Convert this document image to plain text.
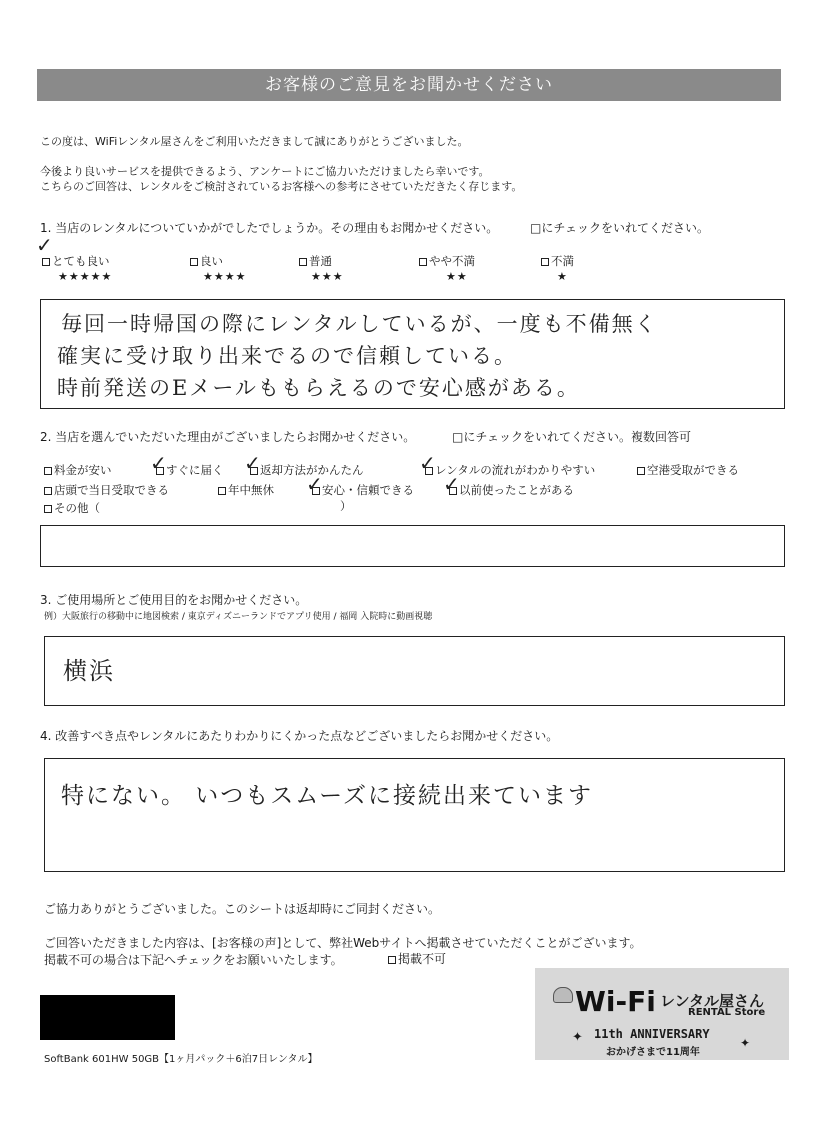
お客様のご意見をお聞かせください
この度は、WiFiレンタル屋さんをご利用いただきまして誠にありがとうございました。
今後より良いサービスを提供できるよう、アンケートにご協力いただけましたら幸いです。
こちらのご回答は、レンタルをご検討されているお客様への参考にさせていただきたく存じます。
1. 当店のレンタルについていかがでしたでしょうか。その理由もお聞かせください。	□にチェックをいれてください。
✓
とても良い
★★★★★
良い
★★★★
普通
★★★
やや不満
★★
不満
★
毎回一時帰国の際にレンタルしているが、一度も不備無く
確実に受け取り出来でるので信頼している。
時前発送のEメールももらえるので安心感がある。
2. 当店を選んでいただいた理由がございましたらお聞かせください。	□にチェックをいれてください。複数回答可
料金が安い ✓ すぐに届く ✓ 返却方法がかんたん	✓ レンタルの流れがわかりやすい	空港受取ができる
店頭で当日受取できる	年中無休 ✓ 安心・信頼できる ✓ 以前使ったことがある
その他（	）
3. ご使用場所とご使用目的をお聞かせください。
例）大阪旅行の移動中に地図検索 / 東京ディズニーランドでアプリ使用 / 福岡 入院時に動画視聴
横浜
4. 改善すべき点やレンタルにあたりわかりにくかった点などございましたらお聞かせください。
特にない。 いつもスムーズに接続出来ています
ご協力ありがとうございました。このシートは返却時にご同封ください。
ご回答いただきました内容は、[お客様の声]として、弊社Webサイトへ掲載させていただくことがございます。
掲載不可の場合は下記へチェックをお願いいたします。	掲載不可
SoftBank 601HW 50GB【1ヶ月パック＋6泊7日レンタル】
Wi-Fi レンタル屋さん
RENTAL Store
11th ANNIVERSARY
おかげさまで11周年
✦	✦
